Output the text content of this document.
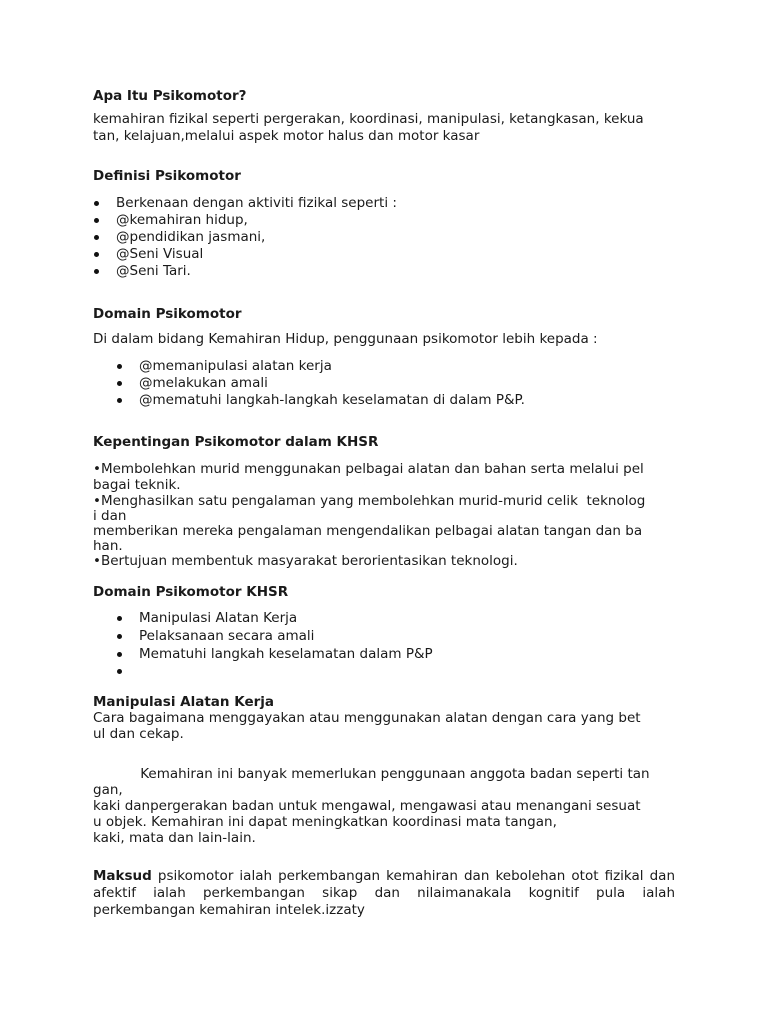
Apa Itu Psikomotor?

kemahiran fizikal seperti pergerakan, koordinasi, manipulasi, ketangkasan, kekua

tan, kelajuan,melalui aspek motor halus dan motor kasar

Definisi Psikomotor

Berkenaan dengan aktiviti fizikal seperti :
@kemahiran hidup,
@pendidikan jasmani,
@Seni Visual
@Seni Tari.

Domain Psikomotor

Di dalam bidang Kemahiran Hidup, penggunaan psikomotor lebih kepada :

@memanipulasi alatan kerja
@melakukan amali
@mematuhi langkah-langkah keselamatan di dalam P&P.

Kepentingan Psikomotor dalam KHSR

•Membolehkan murid menggunakan pelbagai alatan dan bahan serta melalui pel

bagai teknik.

•Menghasilkan satu pengalaman yang membolehkan murid-murid celik  teknolog

i dan

memberikan mereka pengalaman mengendalikan pelbagai alatan tangan dan ba

han.

•Bertujuan membentuk masyarakat berorientasikan teknologi.

Domain Psikomotor KHSR

Manipulasi Alatan Kerja
Pelaksanaan secara amali
Mematuhi langkah keselamatan dalam P&P

Manipulasi Alatan Kerja

Cara bagaimana menggayakan atau menggunakan alatan dengan cara yang bet

ul dan cekap.

Kemahiran ini banyak memerlukan penggunaan anggota badan seperti tan

gan,

kaki danpergerakan badan untuk mengawal, mengawasi atau menangani sesuat

u objek. Kemahiran ini dapat meningkatkan koordinasi mata tangan,

kaki, mata dan lain-lain.

Maksud psikomotor ialah perkembangan kemahiran dan kebolehan otot fizikal dan afektif ialah perkembangan sikap dan nilaimanakala kognitif pula ialah perkembangan kemahiran intelek.izzaty
